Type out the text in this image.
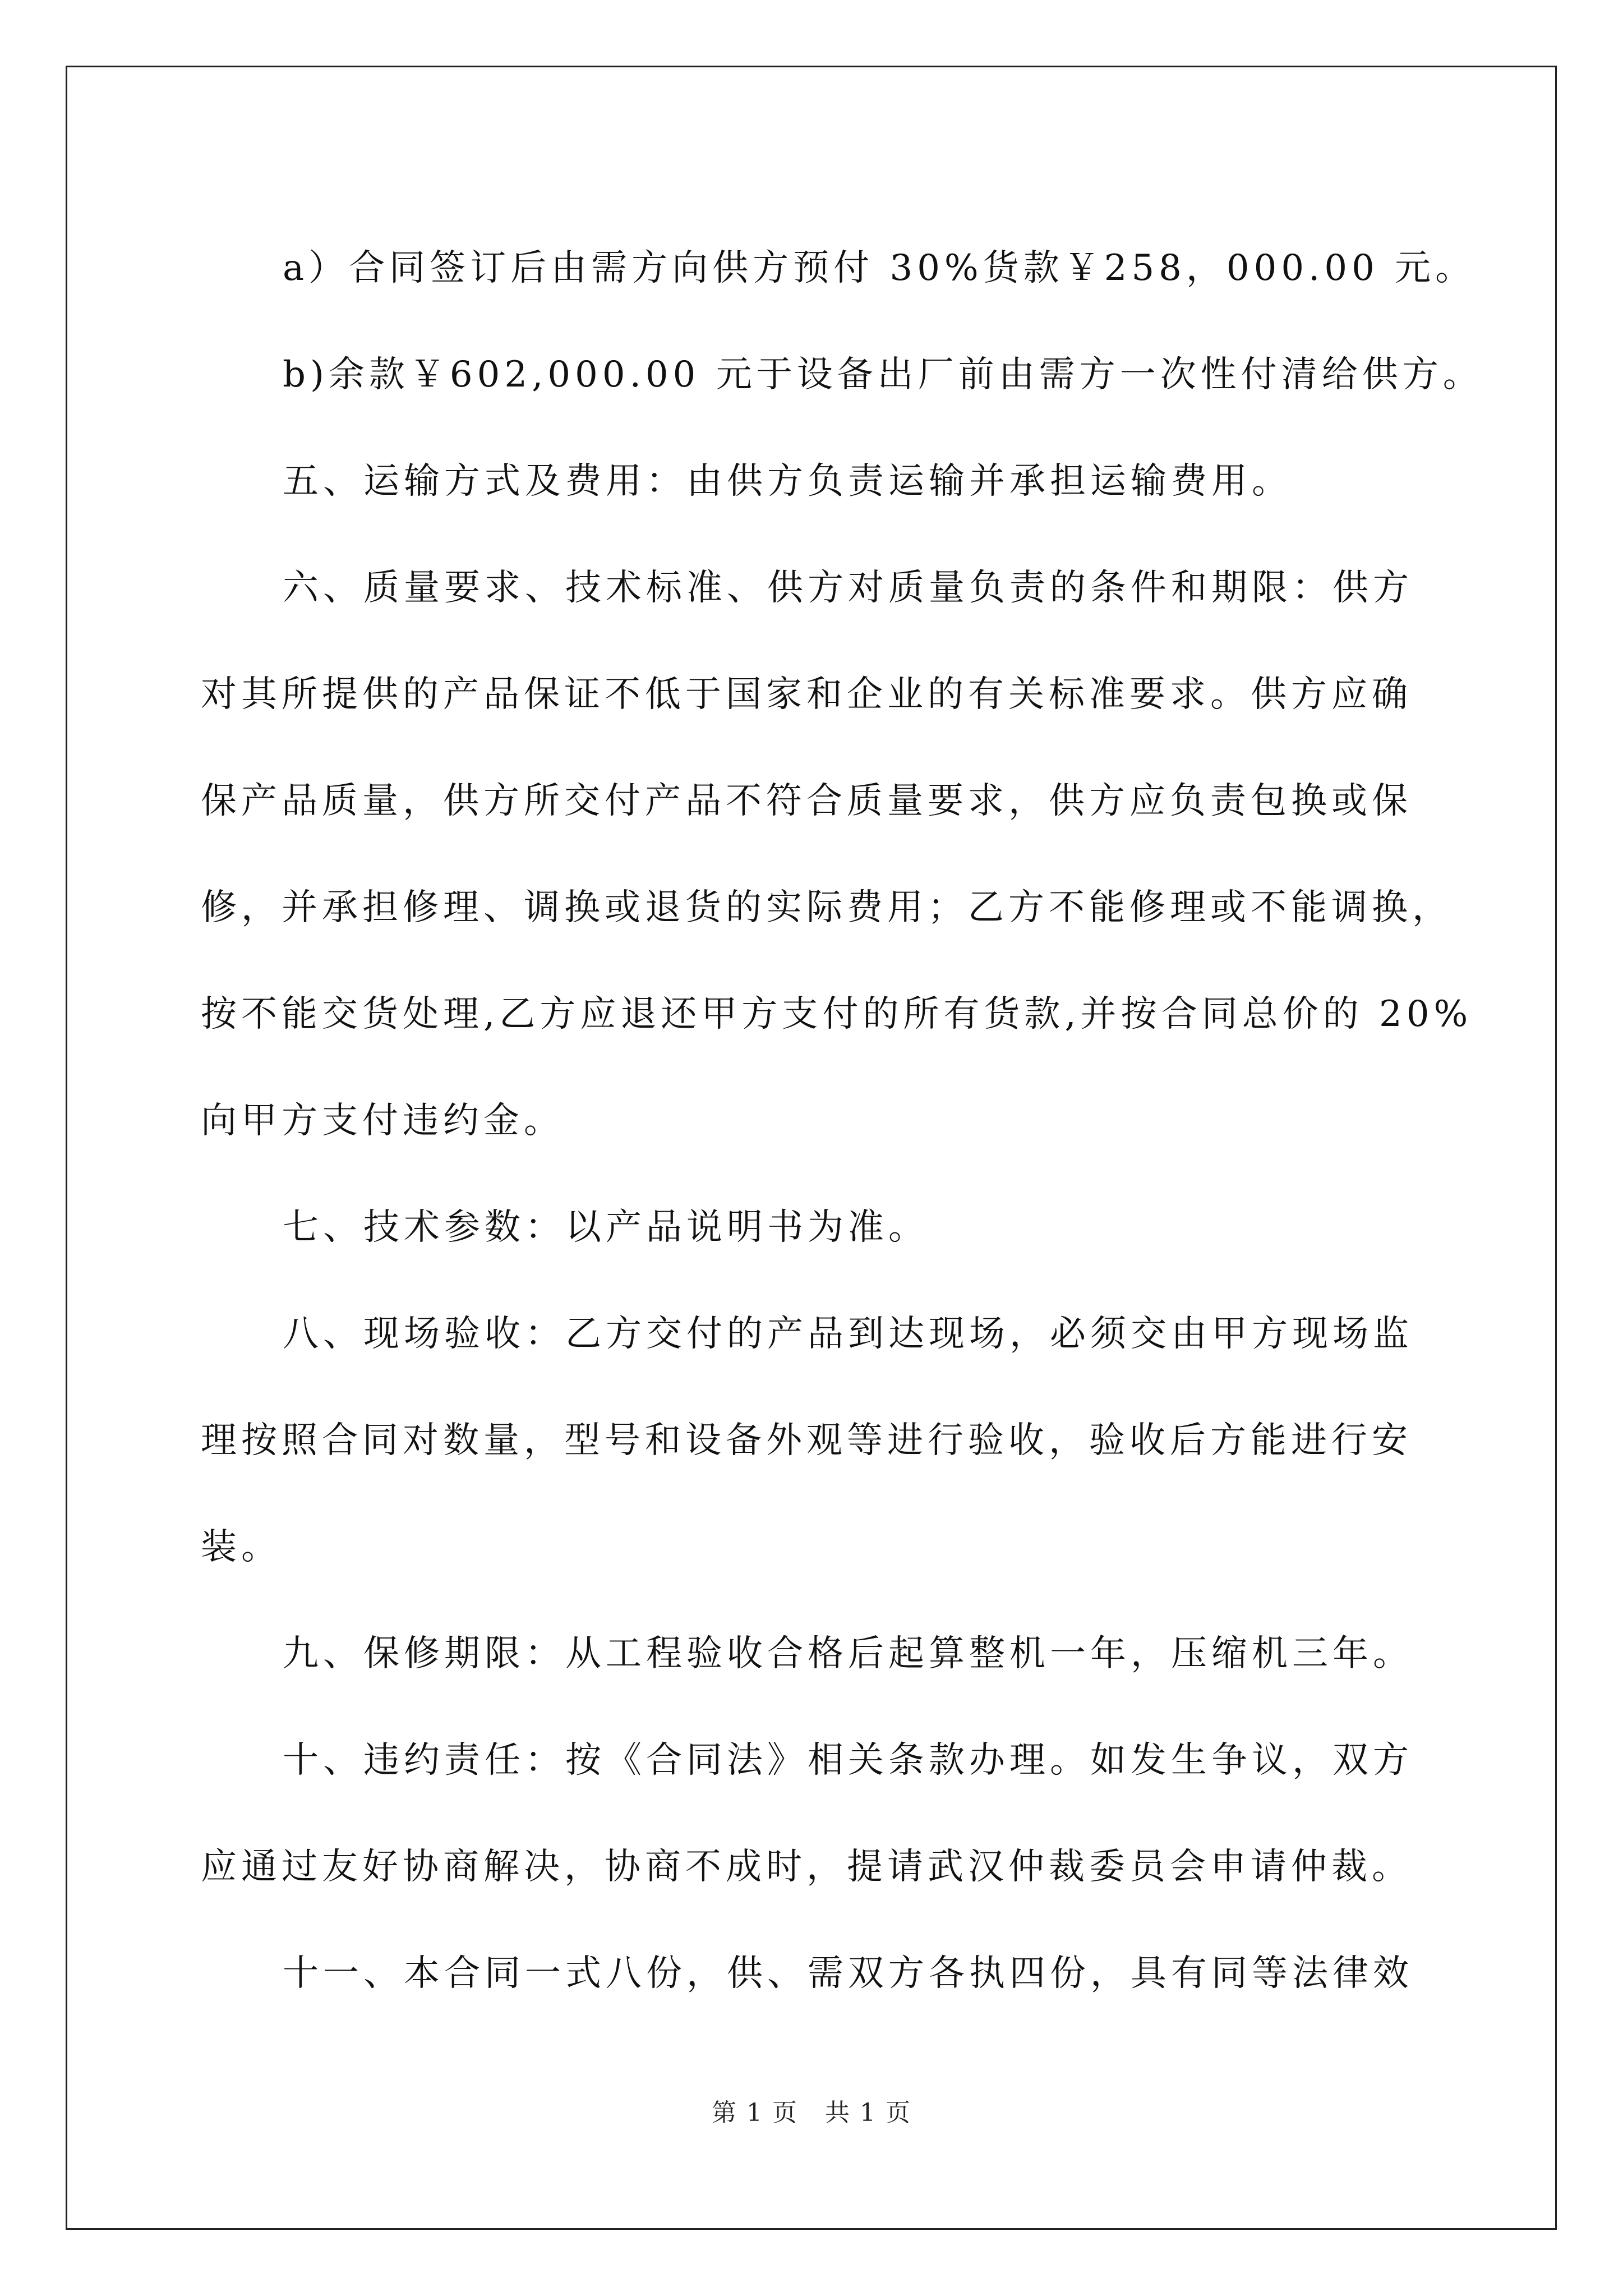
a）合同签订后由需方向供方预付 30%货款￥258，000.00 元。
b)余款￥602,000.00 元于设备出厂前由需方一次性付清给供方。
五、运输方式及费用：由供方负责运输并承担运输费用。
六、质量要求、技术标准、供方对质量负责的条件和期限：供方
对其所提供的产品保证不低于国家和企业的有关标准要求。供方应确
保产品质量，供方所交付产品不符合质量要求，供方应负责包换或保
修，并承担修理、调换或退货的实际费用；乙方不能修理或不能调换，
按不能交货处理,乙方应退还甲方支付的所有货款,并按合同总价的 20%
向甲方支付违约金。
七、技术参数：以产品说明书为准。
八、现场验收：乙方交付的产品到达现场，必须交由甲方现场监
理按照合同对数量，型号和设备外观等进行验收，验收后方能进行安
装。
九、保修期限：从工程验收合格后起算整机一年，压缩机三年。
十、违约责任：按《合同法》相关条款办理。如发生争议，双方
应通过友好协商解决，协商不成时，提请武汉仲裁委员会申请仲裁。
十一、本合同一式八份，供、需双方各执四份，具有同等法律效
第 1 页   共 1 页
